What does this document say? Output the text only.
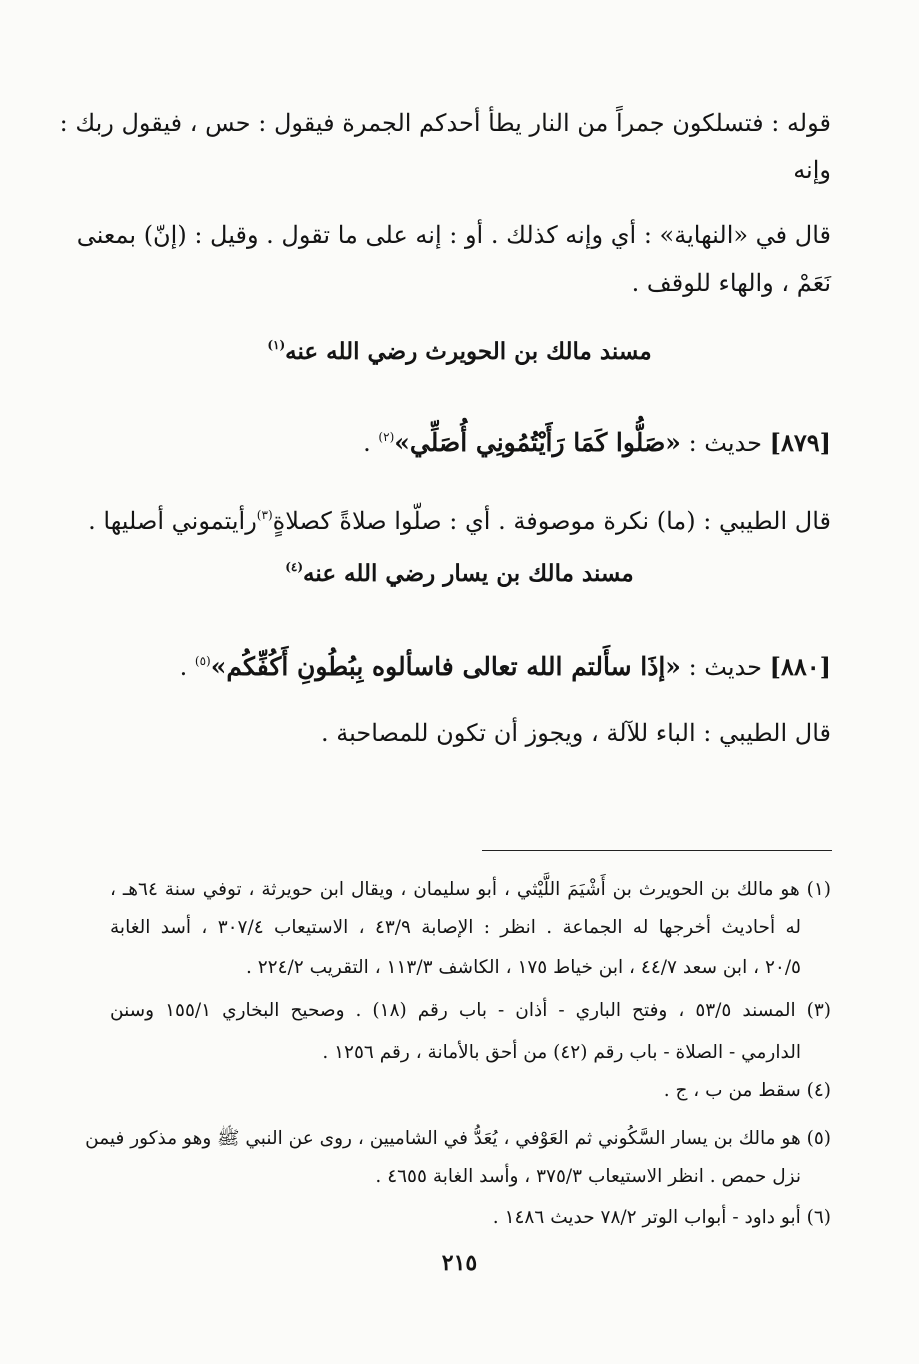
قوله : فتسلكون جمراً من النار يطأ أحدكم الجمرة فيقول : حس ، فيقول ربك :
وإنه
قال في «النهاية» : أي وإنه كذلك . أو : إنه على ما تقول . وقيل : (إنّ) بمعنى
نَعَمْ ، والهاء للوقف .
مسند مالك بن الحويرث رضي الله عنه$^{(١)}$
[٨٧٩] حديث : «صَلُّوا كَمَا رَأَيْتُمُونِي أُصَلِّي»$^{(٢)}$ .
قال الطيبي : (ما) نكرة موصوفة . أي : صلّوا صلاةً كصلاةٍ$^{(٣)}$رأيتموني أصليها .
مسند مالك بن يسار رضي الله عنه$^{(٤)}$
[٨٨٠] حديث : «إذَا سأَلتم الله تعالى فاسألوه بِبُطُونِ أَكُفِّكُم»$^{(٥)}$ .
قال الطيبي : الباء للآلة ، ويجوز أن تكون للمصاحبة .
(١) هو مالك بن الحويرث بن أَشْيَمَ اللَّيْثي ، أبو سليمان ، ويقال ابن حويرثة ، توفي سنة ٦٤هـ ،
له أحاديث أخرجها له الجماعة . انظر : الإصابة ٤٣/٩ ، الاستيعاب ٣٠٧/٤ ، أسد الغابة
٢٠/٥ ، ابن سعد ٤٤/٧ ، ابن خياط ١٧٥ ، الكاشف ١١٣/٣ ، التقريب ٢٢٤/٢ .
(٣) المسند ٥٣/٥ ، وفتح الباري - أذان - باب رقم (١٨) . وصحيح البخاري ١٥٥/١ وسنن
الدارمي - الصلاة - باب رقم (٤٢) من أحق بالأمانة ، رقم ١٢٥٦ .
(٤) سقط من ب ، ج .
(٥) هو مالك بن يسار السَّكُوني ثم العَوْفي ، يُعَدُّ في الشاميين ، روى عن النبي ﷺ وهو مذكور فيمن
نزل حمص . انظر الاستيعاب ٣٧٥/٣ ، وأسد الغابة ٤٦٥٥ .
(٦) أبو داود - أبواب الوتر ٧٨/٢ حديث ١٤٨٦ .
٢١٥
